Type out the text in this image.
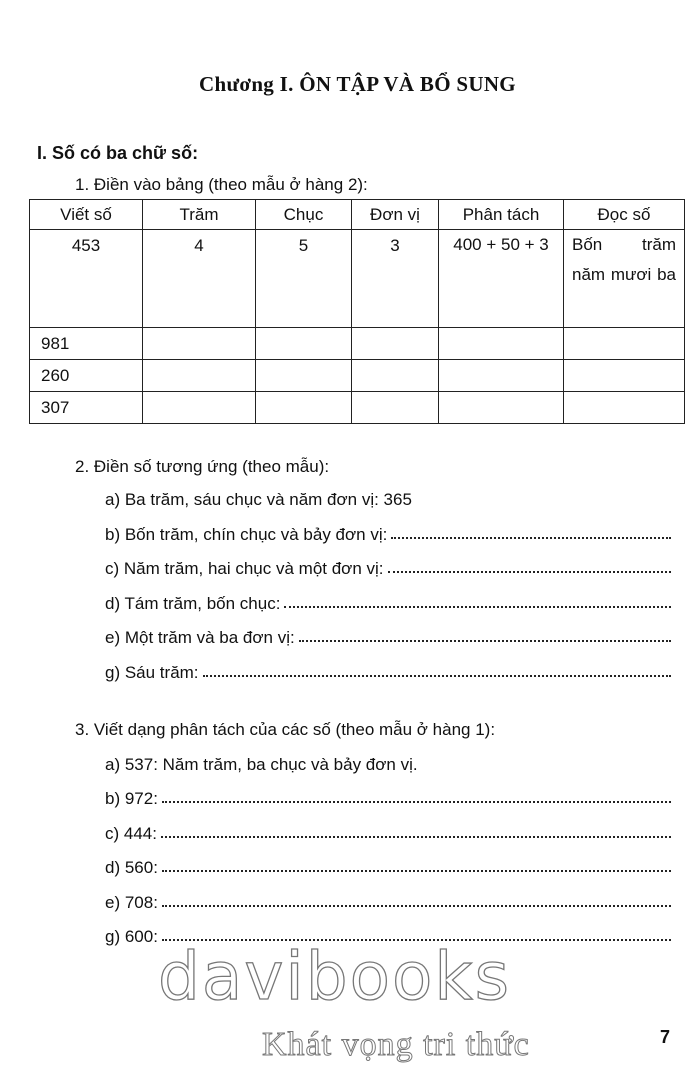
Chương I. ÔN TẬP VÀ BỔ SUNG
I. Số có ba chữ số:
1. Điền vào bảng (theo mẫu ở hàng 2):
Viết số	Trăm	Chục	Đơn vị	Phân tách	Đọc số
453	4	5	3	400 + 50 + 3	Bốn trăm năm mươi ba
981					
260					
307					
2. Điền số tương ứng (theo mẫu):
a) Ba trăm, sáu chục và năm đơn vị: 365
b) Bốn trăm, chín chục và bảy đơn vị:
c) Năm trăm, hai chục và một đơn vị:
d) Tám trăm, bốn chục:
e) Một trăm và ba đơn vị:
g) Sáu trăm:
3. Viết dạng phân tách của các số (theo mẫu ở hàng 1):
a) 537: Năm trăm, ba chục và bảy đơn vị.
b) 972:
c) 444:
d) 560:
e) 708:
g) 600:
davibooks
Khát vọng tri thức	7
